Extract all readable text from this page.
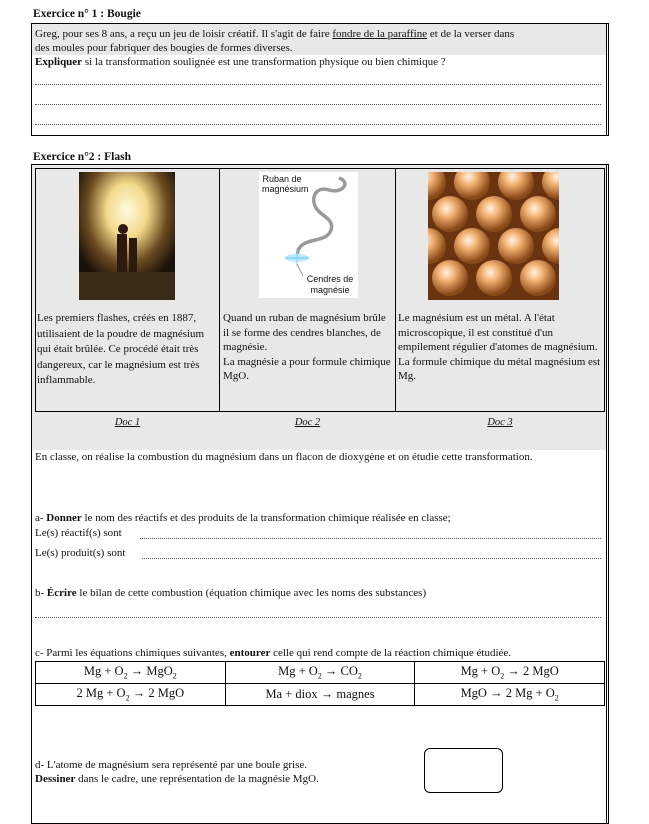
Exercice n° 1 : Bougie
Greg, pour ses 8 ans, a reçu un jeu de loisir créatif. Il s'agit de faire fondre de la paraffine et de la verser dans
des moules pour fabriquer des bougies de formes diverses.
Expliquer si la transformation soulignée est une transformation physique ou bien chimique ?
Exercice n°2 : Flash
Ruban de
magnésium
Cendres de
magnésie
Les premiers flashes, créés en 1887, utilisaient de la poudre de magnésium qui était brûlée. Ce procédé était très dangereux, car le magnésium est très inflammable.
Quand un ruban de magnésium brûle il se forme des cendres blanches, de magnésie.
La magnésie a pour formule chimique MgO.
Le magnésium est un métal. A l'état microscopique, il est constitué d'un empilement régulier d'atomes de magnésium.
La formule chimique du métal magnésium est Mg.
Doc 1	Doc 2	Doc 3
En classe, on réalise la combustion du magnésium dans un flacon de dioxygène et on étudie cette transformation.
a- Donner le nom des réactifs et des produits de la transformation chimique réalisée en classe;
Le(s) réactif(s) sont
Le(s) produit(s) sont
b- Écrire le bilan de cette combustion (équation chimique avec les noms des substances)
c- Parmi les équations chimiques suivantes, entourer celle qui rend compte de la réaction chimique étudiée.
$Mg + O_2 \to MgO_2$	$Mg + O_2 \to CO_2$	$Mg + O_2 \to 2$ MgO
2 $Mg + O_2 \to 2$ MgO	Ma + diox → magnes	MgO → 2 $Mg + O_2$
d- L'atome de magnésium sera représenté par une boule grise.
Dessiner dans le cadre, une représentation de la magnésie MgO.
